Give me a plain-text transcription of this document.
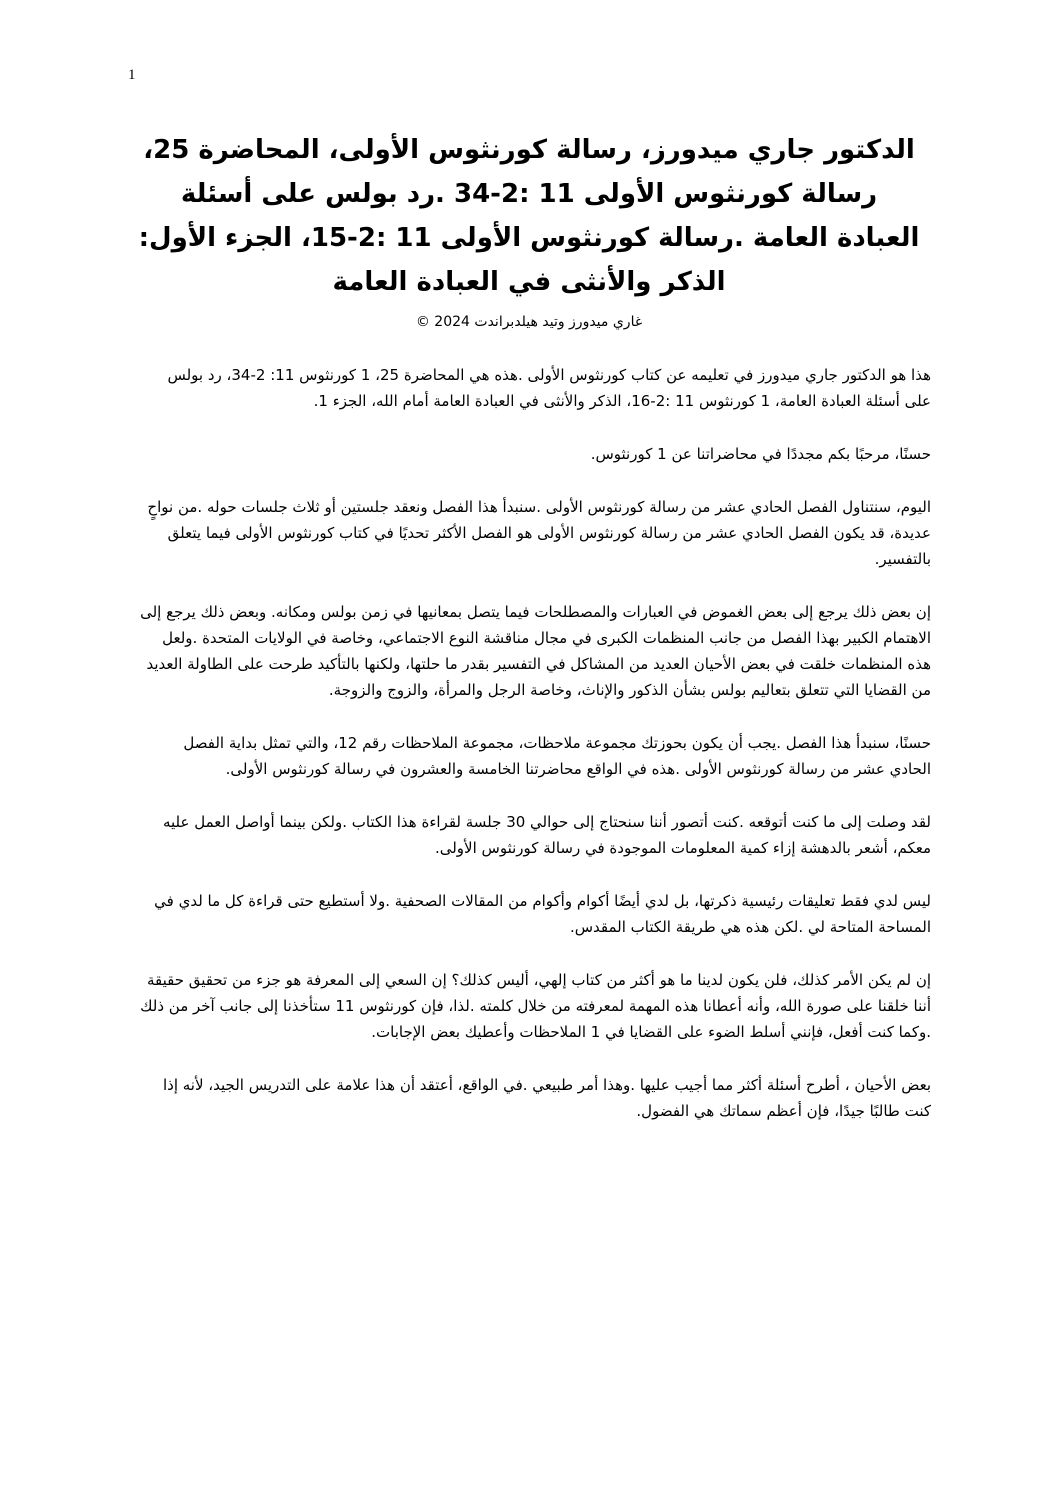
1
الدكتور جاري ميدورز، رسالة كورنثوس الأولى، المحاضرة 25، رسالة كورنثوس الأولى 11 :2-34 .رد بولس على أسئلة العبادة العامة .رسالة كورنثوس الأولى 11 :2-15، الجزء الأول: الذكر والأنثى في العبادة العامة
غاري ميدورز وتيد هيلدبراندت 2024 ©

هذا هو الدكتور جاري ميدورز في تعليمه عن كتاب كورنثوس الأولى .هذه هي المحاضرة 25، 1 كورنثوس 11: 2-34، رد بولس على أسئلة العبادة العامة، 1 كورنثوس 11 :2-16، الذكر والأنثى في العبادة العامة أمام الله، الجزء 1.

حسنًا، مرحبًا بكم مجددًا في محاضراتنا عن 1 كورنثوس.

اليوم، سنتناول الفصل الحادي عشر من رسالة كورنثوس الأولى .سنبدأ هذا الفصل ونعقد جلستين أو ثلاث جلسات حوله .من نواحٍ عديدة، قد يكون الفصل الحادي عشر من رسالة كورنثوس الأولى هو الفصل الأكثر تحديًا في كتاب كورنثوس الأولى فيما يتعلق بالتفسير.

إن بعض ذلك يرجع إلى بعض الغموض في العبارات والمصطلحات فيما يتصل بمعانيها في زمن بولس ومكانه. وبعض ذلك يرجع إلى الاهتمام الكبير بهذا الفصل من جانب المنظمات الكبرى في مجال مناقشة النوع الاجتماعي، وخاصة في الولايات المتحدة .ولعل هذه المنظمات خلقت في بعض الأحيان العديد من المشاكل في التفسير بقدر ما حلتها، ولكنها بالتأكيد طرحت على الطاولة العديد من القضايا التي تتعلق بتعاليم بولس بشأن الذكور والإناث، وخاصة الرجل والمرأة، والزوج والزوجة.

حسنًا، سنبدأ هذا الفصل .يجب أن يكون بحوزتك مجموعة ملاحظات، مجموعة الملاحظات رقم 12، والتي تمثل بداية الفصل الحادي عشر من رسالة كورنثوس الأولى .هذه في الواقع محاضرتنا الخامسة والعشرون في رسالة كورنثوس الأولى.

لقد وصلت إلى ما كنت أتوقعه .كنت أتصور أننا سنحتاج إلى حوالي 30 جلسة لقراءة هذا الكتاب .ولكن بينما أواصل العمل عليه معكم، أشعر بالدهشة إزاء كمية المعلومات الموجودة في رسالة كورنثوس الأولى.

ليس لدي فقط تعليقات رئيسية ذكرتها، بل لدي أيضًا أكوام وأكوام من المقالات الصحفية .ولا أستطيع حتى قراءة كل ما لدي في المساحة المتاحة لي .لكن هذه هي طريقة الكتاب المقدس.

إن لم يكن الأمر كذلك، فلن يكون لدينا ما هو أكثر من كتاب إلهي، أليس كذلك؟ إن السعي إلى المعرفة هو جزء من تحقيق حقيقة أننا خلقنا على صورة الله، وأنه أعطانا هذه المهمة لمعرفته من خلال كلمته .لذا، فإن كورنثوس 11 ستأخذنا إلى جانب آخر من ذلك .وكما كنت أفعل، فإنني أسلط الضوء على القضايا في 1 الملاحظات وأعطيك بعض الإجابات.

بعض الأحيان ، أطرح أسئلة أكثر مما أجيب عليها .وهذا أمر طبيعي .في الواقع، أعتقد أن هذا علامة على التدريس الجيد، لأنه إذا كنت طالبًا جيدًا، فإن أعظم سماتك هي الفضول.
